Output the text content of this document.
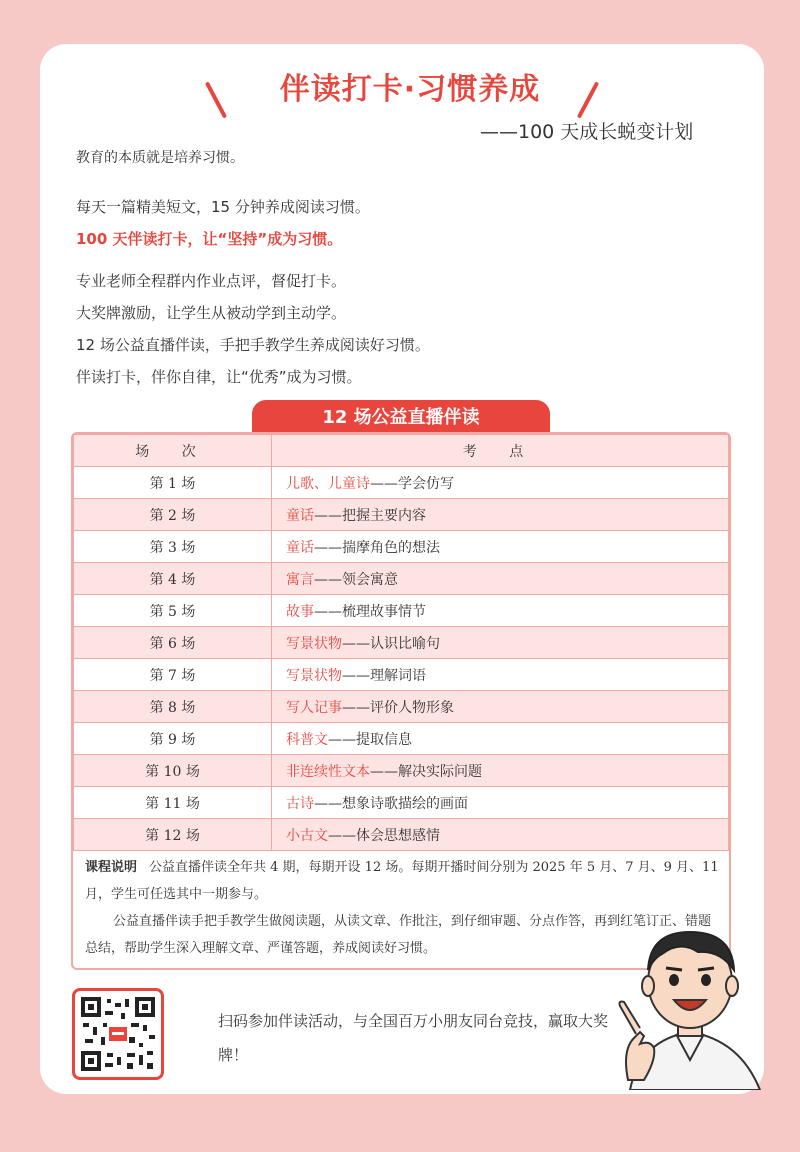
伴读打卡·习惯养成
——100 天成长蜕变计划
教育的本质就是培养习惯。
每天一篇精美短文，15 分钟养成阅读习惯。
100 天伴读打卡，让“坚持”成为习惯。
专业老师全程群内作业点评，督促打卡。
大奖牌激励，让学生从被动学到主动学。
12 场公益直播伴读，手把手教学生养成阅读好习惯。
伴读打卡，伴你自律，让“优秀”成为习惯。
12 场公益直播伴读
场 次	考 点
第 1 场	儿歌、儿童诗——学会仿写
第 2 场	童话——把握主要内容
第 3 场	童话——揣摩角色的想法
第 4 场	寓言——领会寓意
第 5 场	故事——梳理故事情节
第 6 场	写景状物——认识比喻句
第 7 场	写景状物——理解词语
第 8 场	写人记事——评价人物形象
第 9 场	科普文——提取信息
第 10 场	非连续性文本——解决实际问题
第 11 场	古诗——想象诗歌描绘的画面
第 12 场	小古文——体会思想感情
课程说明 公益直播伴读全年共 4 期，每期开设 12 场。每期开播时间分别为 2025 年 5 月、7 月、9 月、11 月，学生可任选其中一期参与。
公益直播伴读手把手教学生做阅读题，从读文章、作批注，到仔细审题、分点作答，再到红笔订正、错题总结，帮助学生深入理解文章、严谨答题，养成阅读好习惯。
扫码参加伴读活动，与全国百万小朋友同台竞技，赢取大奖牌！
